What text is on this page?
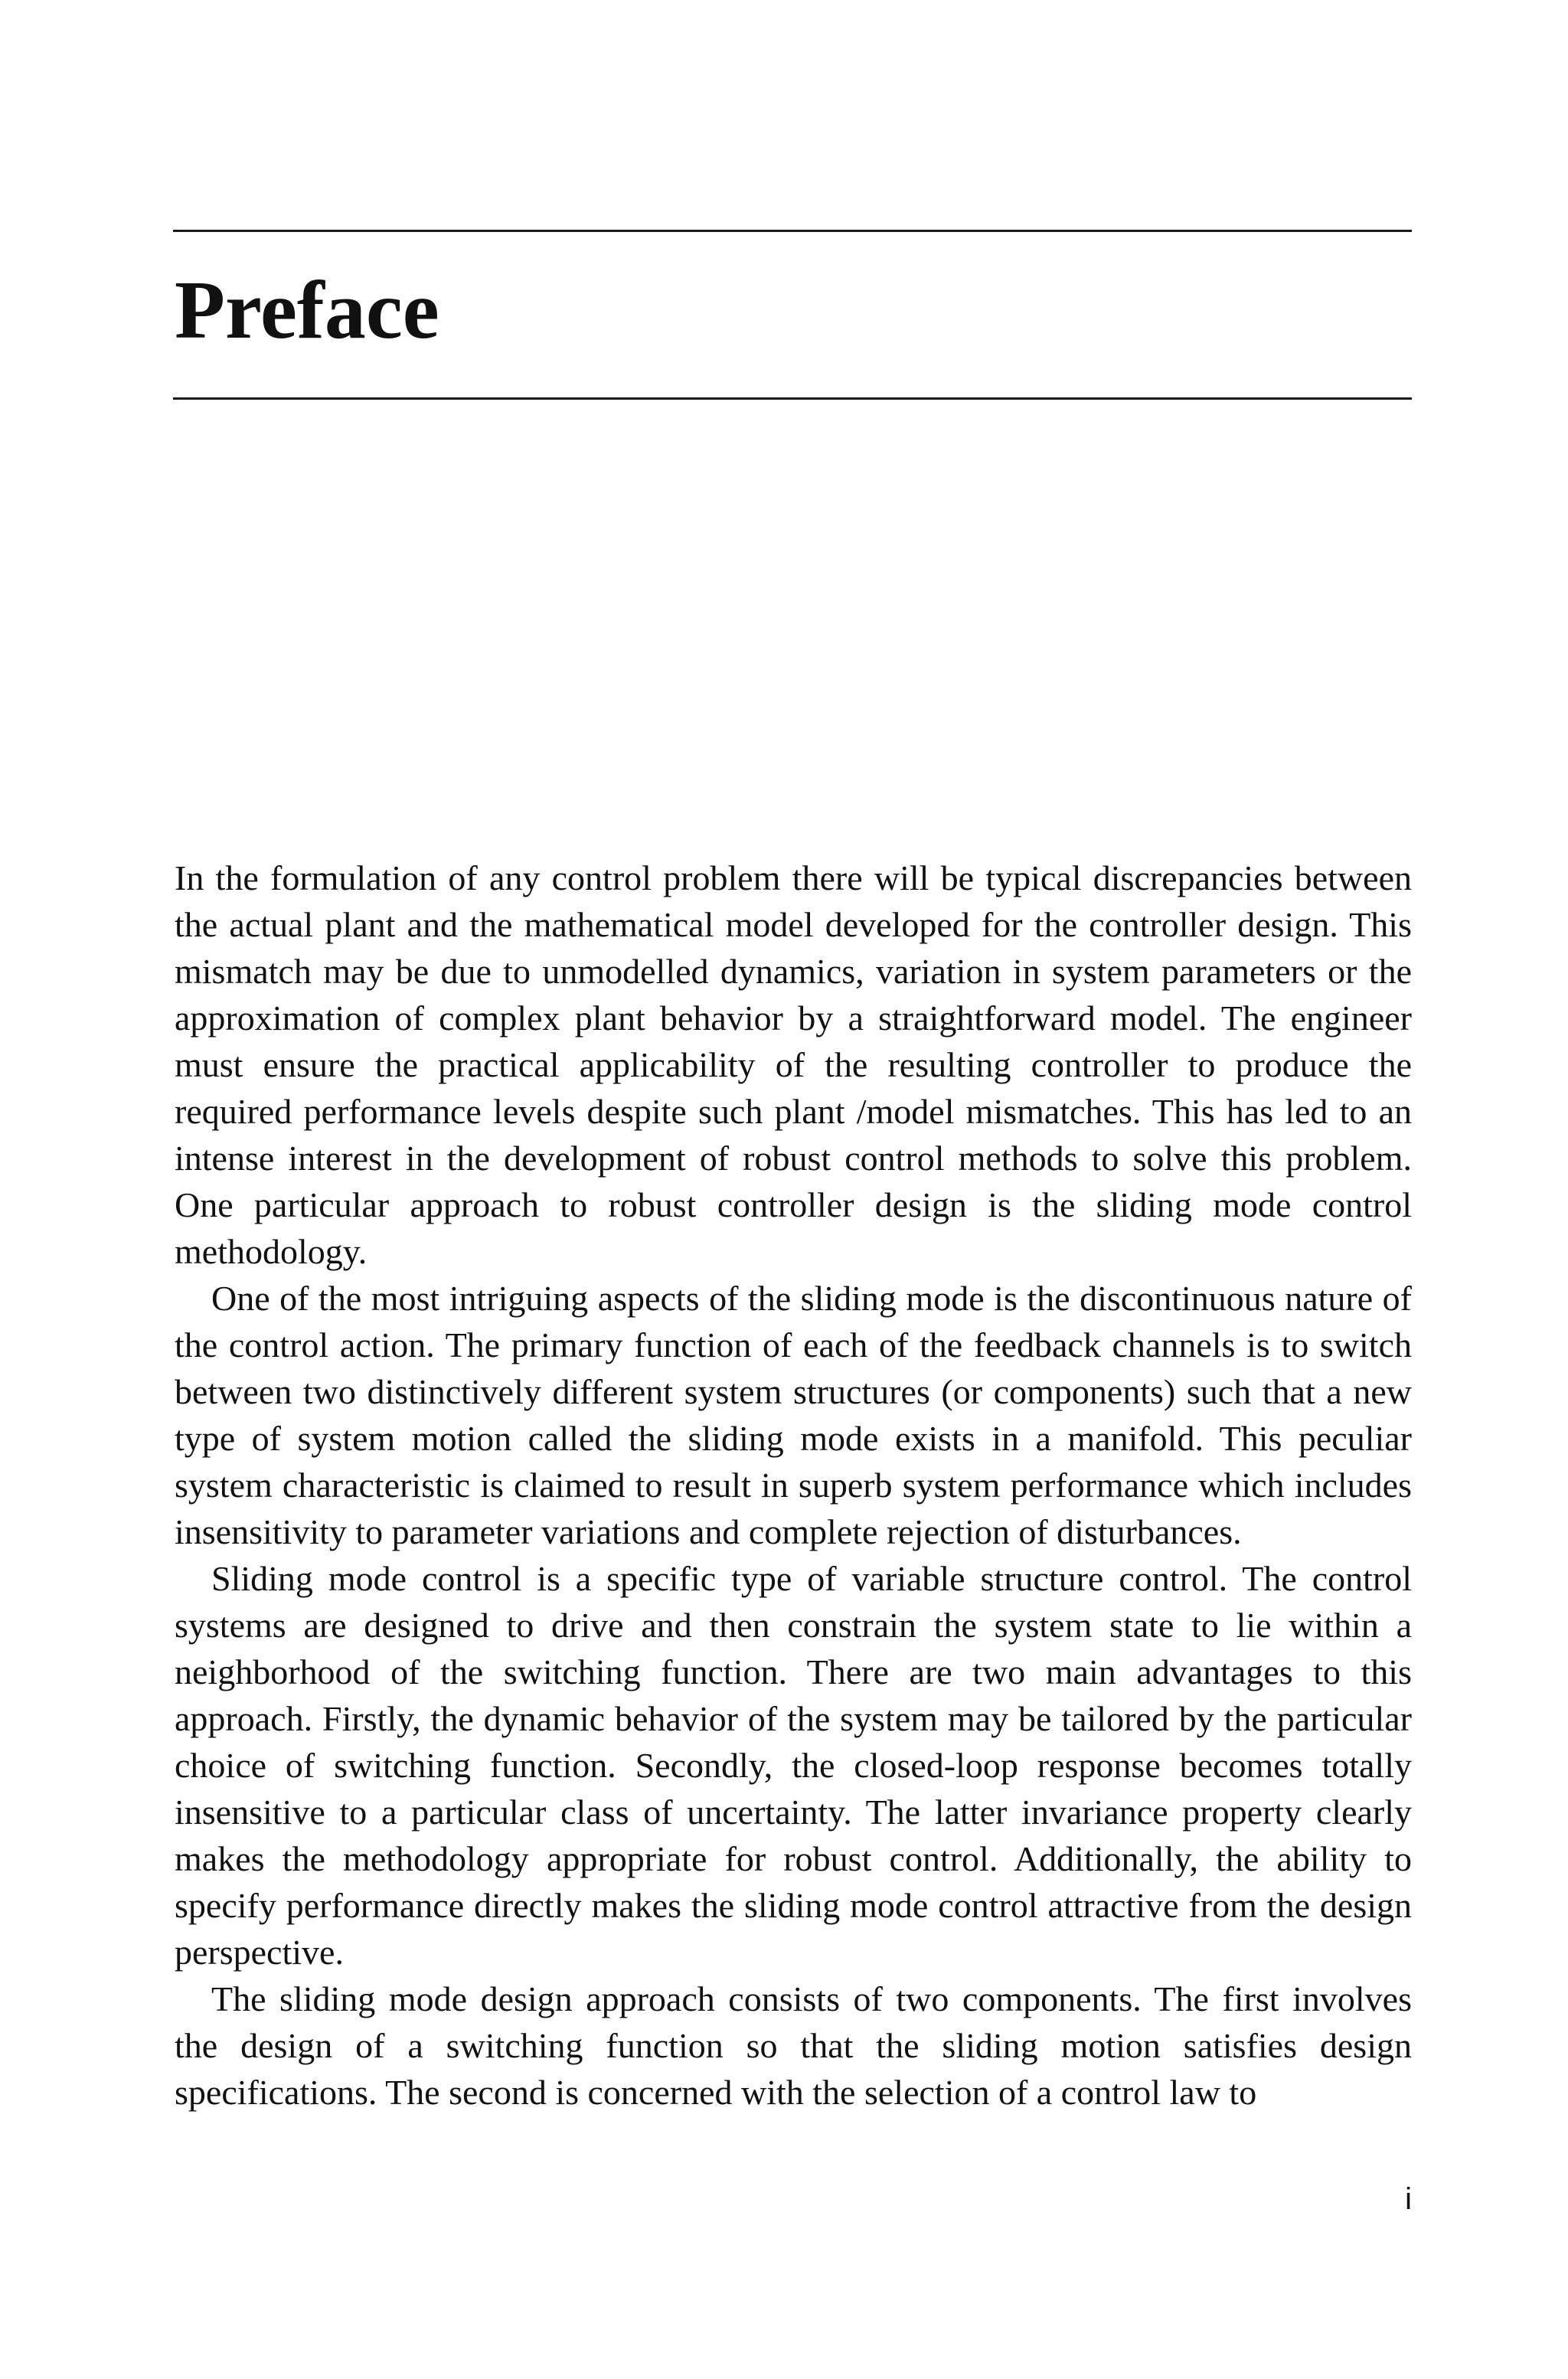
Preface

In the formulation of any control problem there will be typical discrepancies between the actual plant and the mathematical model developed for the controller design. This mismatch may be due to unmodelled dynamics, variation in system parameters or the approximation of complex plant behavior by a straightforward model. The engineer must ensure the practical applicability of the resulting controller to produce the required performance levels despite such plant /model mismatches. This has led to an intense interest in the development of robust control methods to solve this problem. One particular approach to robust controller design is the sliding mode control methodology.

One of the most intriguing aspects of the sliding mode is the discontinuous nature of the control action. The primary function of each of the feedback channels is to switch between two distinctively different system structures (or components) such that a new type of system motion called the sliding mode exists in a manifold. This peculiar system characteristic is claimed to result in superb system performance which includes insensitivity to parameter variations and complete rejection of disturbances.

Sliding mode control is a specific type of variable structure control. The control systems are designed to drive and then constrain the system state to lie within a neighborhood of the switching function. There are two main advantages to this approach. Firstly, the dynamic behavior of the system may be tailored by the particular choice of switching function. Secondly, the closed-loop response becomes totally insensitive to a particular class of uncertainty. The latter invariance property clearly makes the methodology appropriate for robust control. Additionally, the ability to specify performance directly makes the sliding mode control attractive from the design perspective.

The sliding mode design approach consists of two components. The first involves the design of a switching function so that the sliding motion satisfies design specifications. The second is concerned with the selection of a control law to

i
